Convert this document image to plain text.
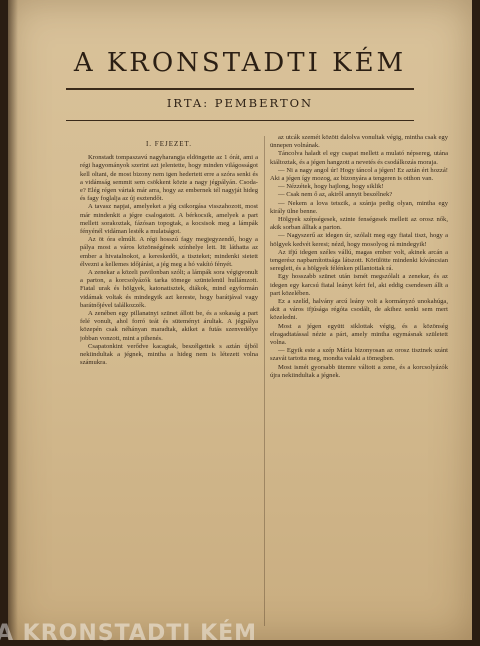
A KRONSTADTI KÉM
IRTA: PEMBERTON
I. FEJEZET.

Kronstadt tompaszavú nagyharangja eldöngette az 1 órát, ami a régi hagyományok szerint azt jelentette, hogy minden világosságot kell oltani, de most bizony nem igen hedertett erre a szóra senki és a vidámság semmit sem csökkent közte a nagy jégpályán. Csoda-e? Elég régen vártak már arra, hogy az embernek tél nagyját hideg és fagy foglalja az új esztendőt.

A tavasz napjai, amelyeket a jég csikorgása visszahozott, most már mindenkit a jégre csalogatott. A bérkocsik, amelyek a part mellett sorakoztak, fázósan topogtak, a kocsisok meg a lámpák fényénél vidáman lesték a mulatságot.

Az öt óra elmúlt. A régi hosszú fagy megjegyzendő, hogy a pálya most a város közönségének színhelye lett. Itt láthatta az ember a hivatalnokot, a kereskedőt, a tiszteket; mindenki sietett élvezni a kellemes időjárást, a jég meg a hó vakító fényét.

A zenekar a közeli pavilonban szólt; a lámpák sora végigvonult a parton, a korcsolyázók tarka tömege szüntelenül hullámzott. Fiatal urak és hölgyek, katonatisztek, diákok, mind egyformán vidámak voltak és mindegyik azt kereste, hogy barátjával vagy barátnőjével találkozzék.

A zenében egy pillanatnyi szünet állott be, és a sokaság a part felé vonult, ahol forró teát és süteményt árultak. A jégpálya közepén csak néhányan maradtak, akiket a futás szenvedélye jobban vonzott, mint a pihenés.

Csapatonkint verődve kacagtak, beszélgettek s aztán újból nekiindultak a jégnek, mintha a hideg nem is létezett volna számukra.

az utcák szemét között dalolva vonultak végig, mintha csak egy ünnepen volnának.

Táncolva haladt el egy csapat mellett a mulató népsereg, utána kiáltoztak, és a jégen hangzott a nevetés és csodálkozás moraja.

— Ni a nagy angol úr! Hogy táncol a jégen! Ez aztán ért hozzá! Aki a jégen így mozog, az bizonyára a tengeren is otthon van.

— Nézzétek, hogy hajlong, hogy siklik!

— Csak nem ő az, akiről annyit beszélnek?

— Nekem a lova tetszik, a szánja pedig olyan, mintha egy király ülne benne.

Hölgyek szépségesek, szinte fenségesek mellett az orosz nők, akik sorban álltak a parton.

— Nagyszerű az idegen úr, szólalt meg egy fiatal tiszt, hogy a hölgyek kedvét keresi; nézd, hogy mosolyog rá mindegyik!

Az ifjú idegen széles vállú, magas ember volt, akinek arcán a tengerész napbarnítottsága látszott. Körülötte mindenki kíváncsian sereglett, és a hölgyek félénken pillantottak rá.

Egy hosszabb szünet után ismét megszólalt a zenekar, és az idegen egy karcsú fiatal leányt kért fel, aki eddig csendesen állt a part közelében.

Ez a szelíd, halvány arcú leány volt a kormányzó unokahúga, akit a város ifjúsága régóta csodált, de akihez senki sem mert közeledni.

Most a jégen együtt siklottak végig, és a közönség elragadtatással nézte a párt, amely mintha egymásnak született volna.

— Egyik este a szép Mária bizonyosan az orosz tisztnek szánt szavát tartotta meg, mondta valaki a tömegben.

Most ismét gyorsabb ütemre váltott a zene, és a korcsolyázók újra nekiindultak a jégnek.

A KRONSTADTI KÉM
